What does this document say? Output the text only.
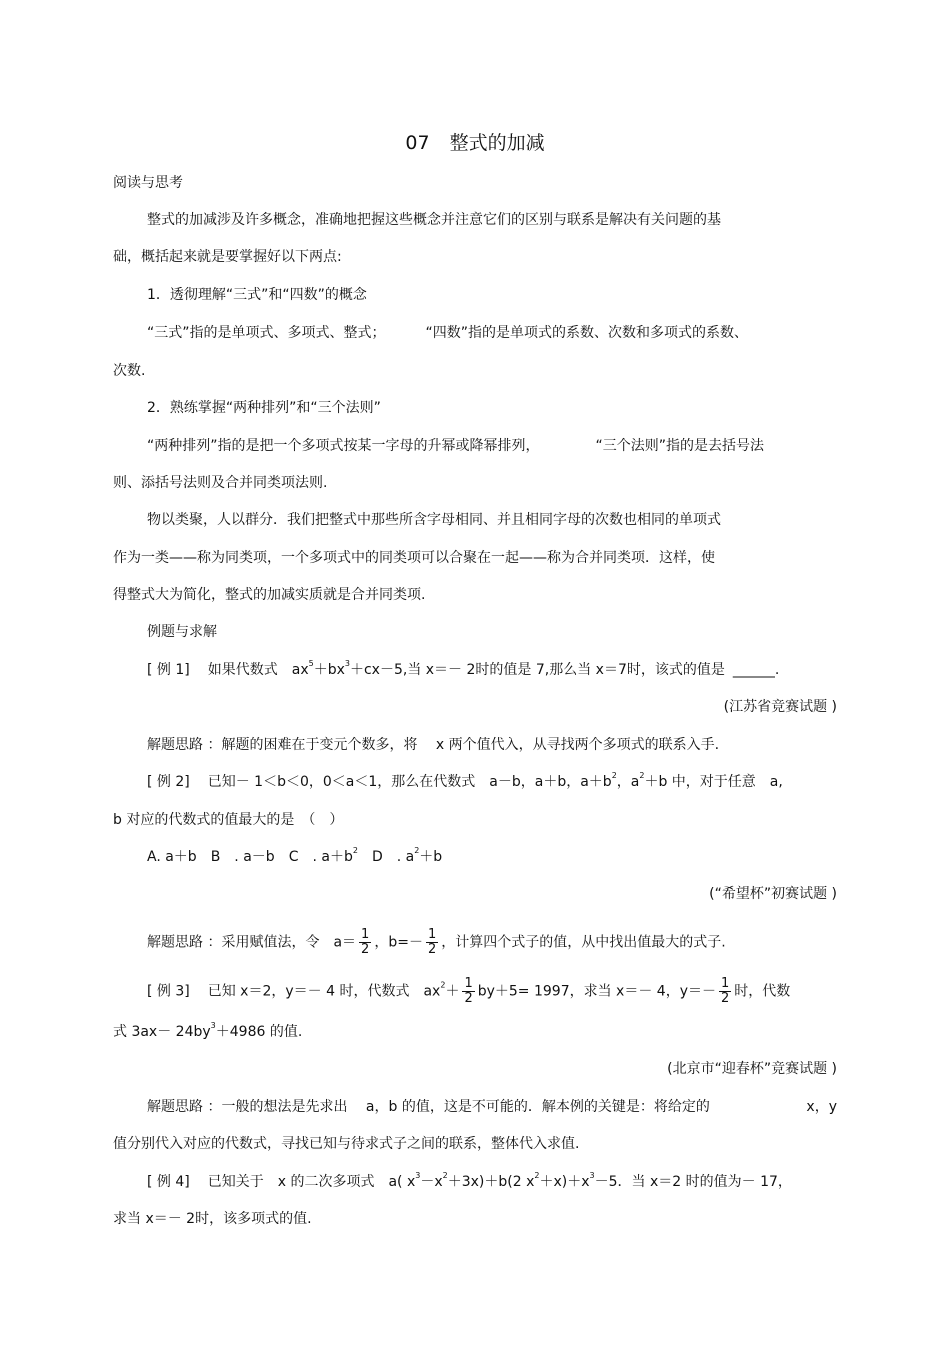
07 整式的加减
阅读与思考
整式的加减涉及许多概念，准确地把握这些概念并注意它们的区别与联系是解决有关问题的基
础，概括起来就是要掌握好以下两点:
1．透彻理解“三式”和“四数”的概念
“三式”指的是单项式、多项式、整式；	“四数”指的是单项式的系数、次数和多项式的系数、
次数.
2．熟练掌握“两种排列”和“三个法则”
“两种排列”指的是把一个多项式按某一字母的升幂或降幂排列，	“三个法则”指的是去括号法
则、添括号法则及合并同类项法则.
物以类聚，人以群分．我们把整式中那些所含字母相同、并且相同字母的次数也相同的单项式
作为一类——称为同类项，一个多项式中的同类项可以合聚在一起——称为合并同类项．这样，使
得整式大为简化，整式的加减实质就是合并同类项.
例题与求解
[ 例 1] 如果代数式 $ax^5+bx^3+cx-5$,当 x＝－ 2时的值是 7,那么当 x＝7时，该式的值是 ______.
(江苏省竞赛试题 )
解题思路 ：解题的困难在于变元个数多，将　 x 两个值代入，从寻找两个多项式的联系入手.
[ 例 2] 已知－ 1＜b＜0，0＜a＜1，那么在代数式　a－b，a＋b，$a+b^2$，$a^2+b$ 中，对于任意　a,
b 对应的代数式的值最大的是　（　）
A. a＋b B　. a－b C　. $a+b^2$ D　. $a^2+b$
(“希望杯”初赛试题 )
解题思路 ：采用赋值法，令　$a= \frac{1}{2}$ ，$b=- \frac{1}{2}$ ，计算四个式子的值，从中找出值最大的式子.
[ 例 3] 已知 x＝2，y＝－ 4 时，代数式　$ax^2+ \frac{1}{2} by+5= 1997$，求当 x＝－ 4，$y=- \frac{1}{2}$ 时，代数
式 $3ax- 24by^3+4986$ 的值.
(北京市“迎春杯”竞赛试题 )
解题思路 ：一般的想法是先求出　 a，b 的值，这是不可能的．解本例的关键是：将给定的	x，y
值分别代入对应的代数式，寻找已知与待求式子之间的联系，整体代入求值.
[ 例 4] 已知关于　x 的二次多项式　a( $x^3-x^2+3x)+b(2$ $x^2+x)+x^3-5$．当 x＝2 时的值为－ 17，
求当 x＝－ 2时，该多项式的值.
